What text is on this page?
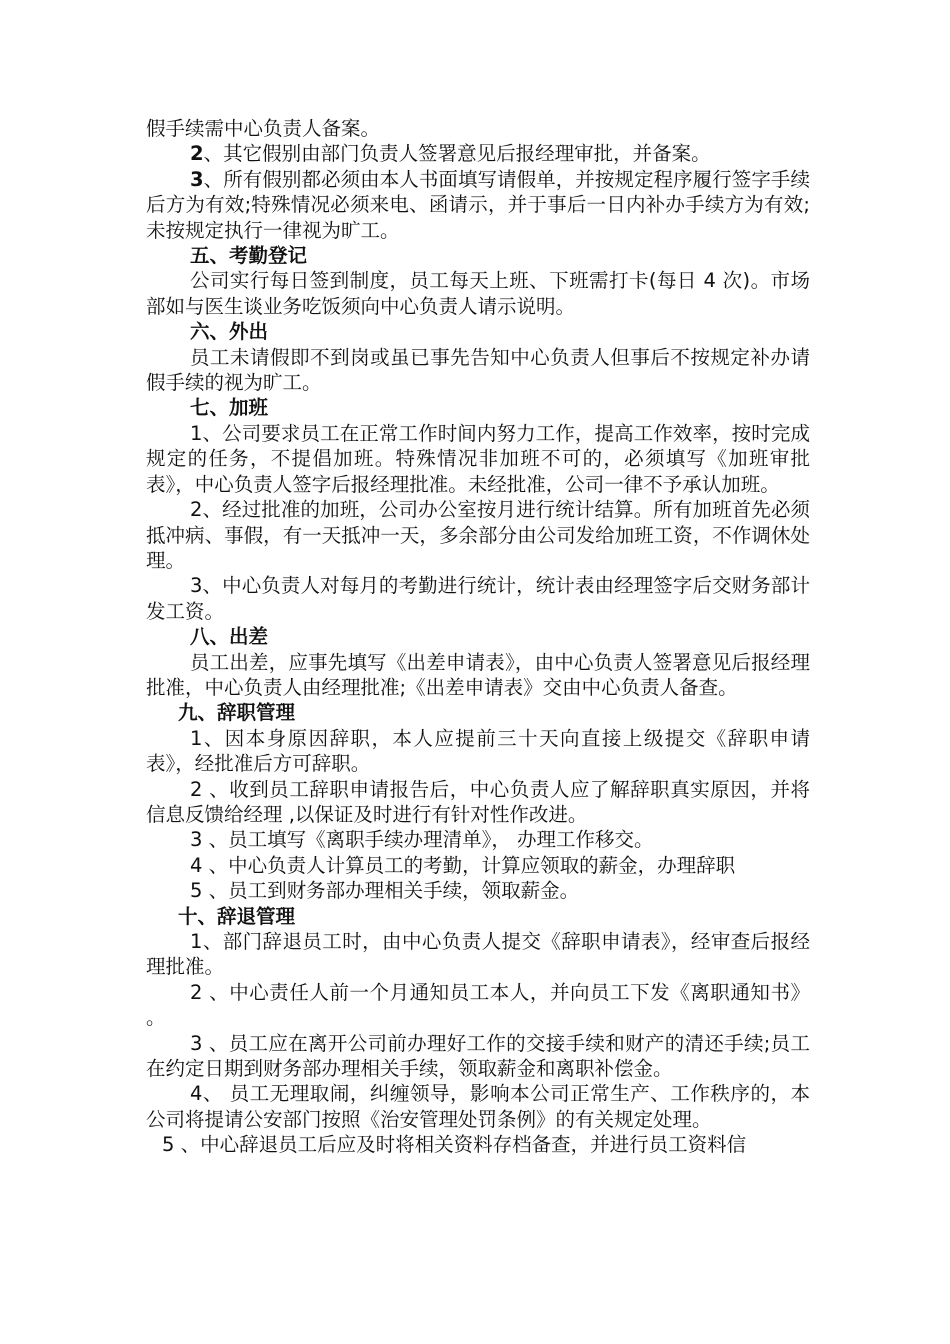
假手续需中心负责人备案。

2、其它假别由部门负责人签署意见后报经理审批，并备案。

3、所有假别都必须由本人书面填写请假单，并按规定程序履行签字手续后方为有效;特殊情况必须来电、函请示，并于事后一日内补办手续方为有效;未按规定执行一律视为旷工。

五、考勤登记

公司实行每日签到制度，员工每天上班、下班需打卡(每日 4 次)。市场部如与医生谈业务吃饭须向中心负责人请示说明。

六、外出

员工未请假即不到岗或虽已事先告知中心负责人但事后不按规定补办请假手续的视为旷工。

七、加班

1、公司要求员工在正常工作时间内努力工作，提高工作效率，按时完成规定的任务，不提倡加班。特殊情况非加班不可的，必须填写《加班审批表》，中心负责人签字后报经理批准。未经批准，公司一律不予承认加班。

2、经过批准的加班，公司办公室按月进行统计结算。所有加班首先必须抵冲病、事假，有一天抵冲一天，多余部分由公司发给加班工资，不作调休处理。

3、中心负责人对每月的考勤进行统计，统计表由经理签字后交财务部计发工资。

八、出差

员工出差，应事先填写《出差申请表》，由中心负责人签署意见后报经理批准，中心负责人由经理批准;《出差申请表》交由中心负责人备查。

九、辞职管理

1、因本身原因辞职，本人应提前三十天向直接上级提交《辞职申请表》，经批准后方可辞职。

2 、收到员工辞职申请报告后，中心负责人应了解辞职真实原因，并将信息反馈给经理 ,以保证及时进行有针对性作改进。

3 、员工填写《离职手续办理清单》， 办理工作移交。

4 、中心负责人计算员工的考勤，计算应领取的薪金，办理辞职

5 、员工到财务部办理相关手续，领取薪金。

十、辞退管理

1、部门辞退员工时，由中心负责人提交《辞职申请表》，经审查后报经理批准。

2 、中心责任人前一个月通知员工本人，并向员工下发《离职通知书》 。

3 、员工应在离开公司前办理好工作的交接手续和财产的清还手续;员工在约定日期到财务部办理相关手续，领取薪金和离职补偿金。

4、 员工无理取闹，纠缠领导，影响本公司正常生产、工作秩序的，本公司将提请公安部门按照《治安管理处罚条例》的有关规定处理。

5 、中心辞退员工后应及时将相关资料存档备查，并进行员工资料信
